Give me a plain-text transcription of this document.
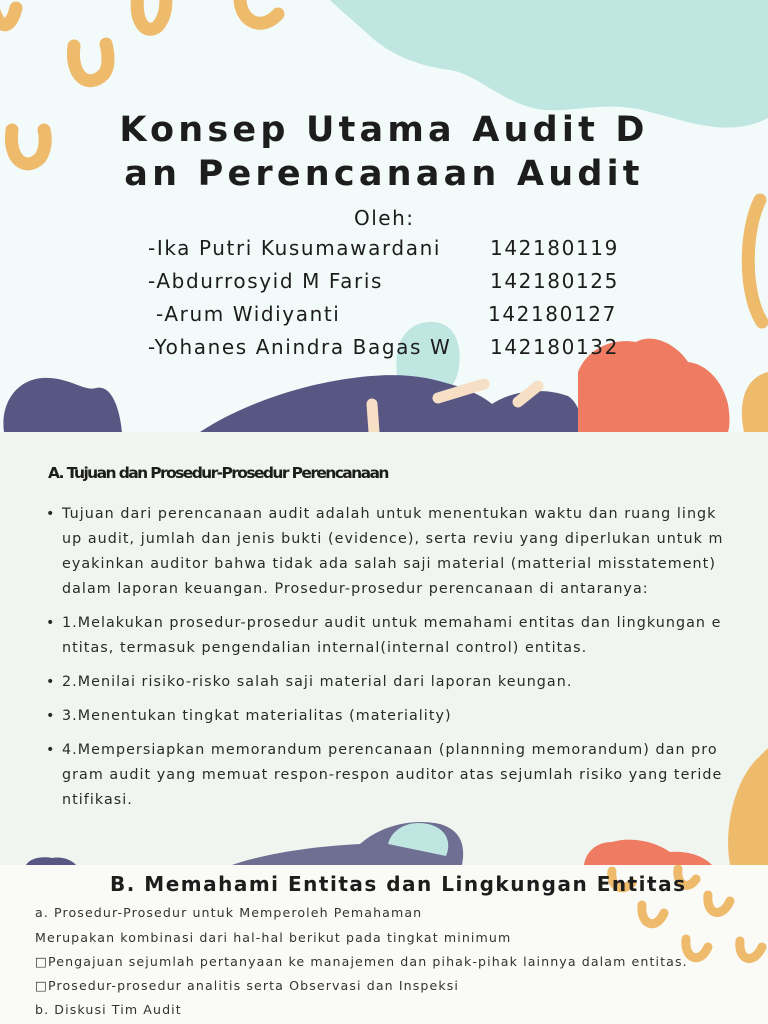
Konsep Utama Audit D
an Perencanaan Audit

Oleh:

-Ika Putri Kusumawardani 142180119
-Abdurrosyid M Faris	142180125
-Arum Widiyanti	142180127
-Yohanes Anindra Bagas W 142180132
A. Tujuan dan Prosedur-Prosedur Perencanaan
• Tujuan dari perencanaan audit adalah untuk menentukan waktu dan ruang lingkup audit, jumlah dan jenis bukti (evidence), serta reviu yang diperlukan untuk meyakinkan auditor bahwa tidak ada salah saji material (matterial misstatement) dalam laporan keuangan. Prosedur-prosedur perencanaan di antaranya:
• 1.Melakukan prosedur-prosedur audit untuk memahami entitas dan lingkungan entitas, termasuk pengendalian internal(internal control) entitas.
• 2.Menilai risiko-risko salah saji material dari laporan keungan.
• 3.Menentukan tingkat materialitas (materiality)
• 4.Mempersiapkan memorandum perencanaan (plannning memorandum) dan program audit yang memuat respon-respon auditor atas sejumlah risiko yang teridentifikasi.
B. Memahami Entitas dan Lingkungan Entitas

a. Prosedur-Prosedur untuk Memperoleh Pemahaman

Merupakan kombinasi dari hal-hal berikut pada tingkat minimum

□Pengajuan sejumlah pertanyaan ke manajemen dan pihak-pihak lainnya dalam entitas.

□Prosedur-prosedur analitis serta Observasi dan Inspeksi

b. Diskusi Tim Audit
